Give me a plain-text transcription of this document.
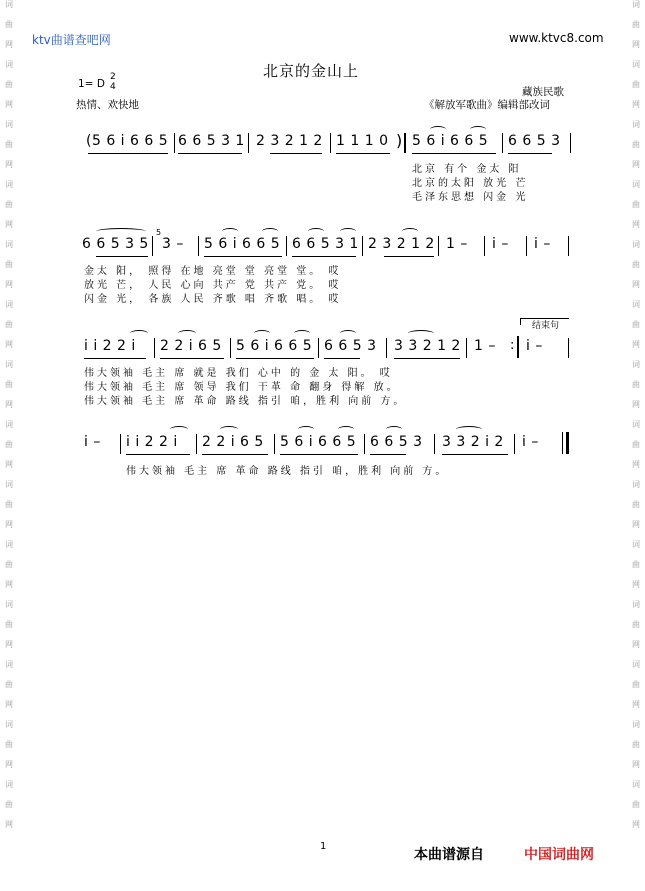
词
曲
网
词
曲
网
词
曲
网
词
曲
网
词
曲
网
词
曲
网
词
曲
网
词
曲
网
词
曲
网
词
曲
网
词
曲
网
词
曲
网
词
曲
网
词
曲
网
词
曲
网
词
曲
网
词
曲
网
词
曲
网
词
曲
网
词
曲
网
词
曲
网
词
曲
网
词
曲
网
词
曲
网
词
曲
网
词
曲
网
词
曲
网
词
曲
网
ktv曲谱查吧网	www.ktvc8.com
北京的金山上
1= D
2
4
热情、欢快地
藏族民歌
《解放军歌曲》编辑部改词
(5 6 i 6 6 5 6 6 5 3 1 2 3 2 1 2 1 1 1 0 ) 5 6 i 6 6 5 6 6 5 3
北京 有个 金太 阳
北京的太阳 放光 芒
毛泽东思想 闪金 光
6 6 5 3 5
5
3 – 5 6 i 6 6 5 6 6 5 3 1 2 3 2 1 2 1 – i – i –
金太 阳， 照得 在地 亮堂 堂 亮堂 堂。 哎
放光 芒， 人民 心向 共产 党 共产 党。 哎
闪金 光， 各族 人民 齐歌 唱 齐歌 唱。 哎
i i 2 2 i 2 2 i 6 5 5 6 i 6 6 5 6 6 5 3 3 3 2 1 2 1 – :
结束句
i –
伟大领袖 毛主 席 就是 我们 心中 的 金 太 阳。 哎
伟大领袖 毛主 席 领导 我们 干革 命 翻身 得解 放。
伟大领袖 毛主 席 革命 路线 指引 咱，胜利 向前 方。
i – i i 2 2 i 2 2 i 6 5 5 6 i 6 6 5 6 6 5 3 3 3 2 i 2 i –
伟大领袖 毛主 席 革命 路线 指引 咱，胜利 向前 方。
1
本曲谱源自	中国词曲网
